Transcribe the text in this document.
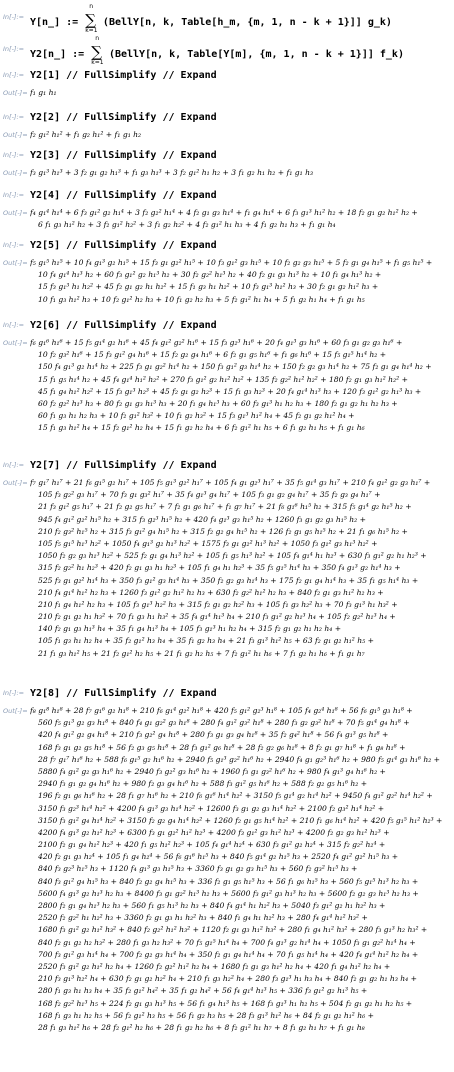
In[-]:= Y[n_] := ∑
n
k=1
(BellY[n, k, Table[h_m, {m, 1, n - k + 1}]] g_k)
In[-]:= Y2[n_] := ∑
n
k=1
(BellY[n, k, Table[Y[m], {m, 1, n - k + 1}]] f_k)
In[-]:= Y2[1] // FullSimplify // Expand
Out[-]= f₁ g₁ h₁
In[-]:= Y2[2] // FullSimplify // Expand
Out[-]= f₂ g₁² h₁² + f₁ g₂ h₁² + f₁ g₁ h₂
In[-]:= Y2[3] // FullSimplify // Expand
Out[-]= f₃ g₁³ h₁³ + 3 f₂ g₁ g₂ h₁³ + f₁ g₃ h₁³ + 3 f₂ g₁² h₁ h₂ + 3 f₁ g₂ h₁ h₂ + f₁ g₁ h₃
In[-]:= Y2[4] // FullSimplify // Expand
Out[-]= f₄ g₁⁴ h₁⁴ + 6 f₃ g₁² g₂ h₁⁴ + 3 f₂ g₂² h₁⁴ + 4 f₂ g₁ g₃ h₁⁴ + f₁ g₄ h₁⁴ + 6 f₃ g₁³ h₁² h₂ + 18 f₂ g₁ g₂ h₁² h₂ +
6 f₁ g₃ h₁² h₂ + 3 f₂ g₁² h₂² + 3 f₁ g₂ h₂² + 4 f₂ g₁² h₁ h₃ + 4 f₁ g₂ h₁ h₃ + f₁ g₁ h₄
In[-]:= Y2[5] // FullSimplify // Expand
Out[-]= f₅ g₁⁵ h₁⁵ + 10 f₄ g₁³ g₂ h₁⁵ + 15 f₃ g₁ g₂² h₁⁵ + 10 f₃ g₁² g₃ h₁⁵ + 10 f₂ g₂ g₃ h₁⁵ + 5 f₂ g₁ g₄ h₁⁵ + f₁ g₅ h₁⁵ +
10 f₄ g₁⁴ h₁³ h₂ + 60 f₃ g₁² g₂ h₁³ h₂ + 30 f₂ g₂² h₁³ h₂ + 40 f₂ g₁ g₃ h₁³ h₂ + 10 f₁ g₄ h₁³ h₂ +
15 f₃ g₁³ h₁ h₂² + 45 f₂ g₁ g₂ h₁ h₂² + 15 f₁ g₃ h₁ h₂² + 10 f₃ g₁³ h₁² h₃ + 30 f₂ g₁ g₂ h₁² h₃ +
10 f₁ g₃ h₁² h₃ + 10 f₂ g₁² h₂ h₃ + 10 f₁ g₂ h₂ h₃ + 5 f₂ g₁² h₁ h₄ + 5 f₁ g₂ h₁ h₄ + f₁ g₁ h₅
In[-]:= Y2[6] // FullSimplify // Expand
Out[-]= f₆ g₁⁶ h₁⁶ + 15 f₅ g₁⁴ g₂ h₁⁶ + 45 f₄ g₁² g₂² h₁⁶ + 15 f₃ g₂³ h₁⁶ + 20 f₄ g₁³ g₃ h₁⁶ + 60 f₃ g₁ g₂ g₃ h₁⁶ +
10 f₂ g₃² h₁⁶ + 15 f₃ g₁² g₄ h₁⁶ + 15 f₂ g₂ g₄ h₁⁶ + 6 f₂ g₁ g₅ h₁⁶ + f₁ g₆ h₁⁶ + 15 f₅ g₁⁵ h₁⁴ h₂ +
150 f₄ g₁³ g₂ h₁⁴ h₂ + 225 f₃ g₁ g₂² h₁⁴ h₂ + 150 f₃ g₁² g₃ h₁⁴ h₂ + 150 f₂ g₂ g₃ h₁⁴ h₂ + 75 f₂ g₁ g₄ h₁⁴ h₂ +
15 f₁ g₅ h₁⁴ h₂ + 45 f₄ g₁⁴ h₁² h₂² + 270 f₃ g₁² g₂ h₁² h₂² + 135 f₂ g₂² h₁² h₂² + 180 f₂ g₁ g₃ h₁² h₂² +
45 f₁ g₄ h₁² h₂² + 15 f₃ g₁³ h₂³ + 45 f₂ g₁ g₂ h₂³ + 15 f₁ g₃ h₂³ + 20 f₄ g₁⁴ h₁³ h₃ + 120 f₃ g₁² g₂ h₁³ h₃ +
60 f₂ g₂² h₁³ h₃ + 80 f₂ g₁ g₃ h₁³ h₃ + 20 f₁ g₄ h₁³ h₃ + 60 f₃ g₁³ h₁ h₂ h₃ + 180 f₂ g₁ g₂ h₁ h₂ h₃ +
60 f₁ g₃ h₁ h₂ h₃ + 10 f₂ g₁² h₃² + 10 f₁ g₂ h₃² + 15 f₃ g₁³ h₁² h₄ + 45 f₂ g₁ g₂ h₁² h₄ +
15 f₁ g₃ h₁² h₄ + 15 f₂ g₁² h₂ h₄ + 15 f₁ g₂ h₂ h₄ + 6 f₂ g₁² h₁ h₅ + 6 f₁ g₂ h₁ h₅ + f₁ g₁ h₆
In[-]:= Y2[7] // FullSimplify // Expand
Out[-]= f₇ g₁⁷ h₁⁷ + 21 f₆ g₁⁵ g₂ h₁⁷ + 105 f₅ g₁³ g₂² h₁⁷ + 105 f₄ g₁ g₂³ h₁⁷ + 35 f₅ g₁⁴ g₃ h₁⁷ + 210 f₄ g₁² g₂ g₃ h₁⁷ +
105 f₃ g₂² g₃ h₁⁷ + 70 f₃ g₁ g₃² h₁⁷ + 35 f₄ g₁³ g₄ h₁⁷ + 105 f₃ g₁ g₂ g₄ h₁⁷ + 35 f₂ g₃ g₄ h₁⁷ +
21 f₃ g₁² g₅ h₁⁷ + 21 f₂ g₂ g₅ h₁⁷ + 7 f₂ g₁ g₆ h₁⁷ + f₁ g₇ h₁⁷ + 21 f₆ g₁⁶ h₁⁵ h₂ + 315 f₅ g₁⁴ g₂ h₁⁵ h₂ +
945 f₄ g₁² g₂² h₁⁵ h₂ + 315 f₃ g₂³ h₁⁵ h₂ + 420 f₄ g₁³ g₃ h₁⁵ h₂ + 1260 f₃ g₁ g₂ g₃ h₁⁵ h₂ +
210 f₂ g₃² h₁⁵ h₂ + 315 f₃ g₁² g₄ h₁⁵ h₂ + 315 f₂ g₂ g₄ h₁⁵ h₂ + 126 f₂ g₁ g₅ h₁⁵ h₂ + 21 f₁ g₆ h₁⁵ h₂ +
105 f₅ g₁⁵ h₁³ h₂² + 1050 f₄ g₁³ g₂ h₁³ h₂² + 1575 f₃ g₁ g₂² h₁³ h₂² + 1050 f₃ g₁² g₃ h₁³ h₂² +
1050 f₂ g₂ g₃ h₁³ h₂² + 525 f₂ g₁ g₄ h₁³ h₂² + 105 f₁ g₅ h₁³ h₂² + 105 f₄ g₁⁴ h₁ h₂³ + 630 f₃ g₁² g₂ h₁ h₂³ +
315 f₂ g₂² h₁ h₂³ + 420 f₂ g₁ g₃ h₁ h₂³ + 105 f₁ g₄ h₁ h₂³ + 35 f₅ g₁⁵ h₁⁴ h₃ + 350 f₄ g₁³ g₂ h₁⁴ h₃ +
525 f₃ g₁ g₂² h₁⁴ h₃ + 350 f₃ g₁² g₃ h₁⁴ h₃ + 350 f₂ g₂ g₃ h₁⁴ h₃ + 175 f₂ g₁ g₄ h₁⁴ h₃ + 35 f₁ g₅ h₁⁴ h₃ +
210 f₄ g₁⁴ h₁² h₂ h₃ + 1260 f₃ g₁² g₂ h₁² h₂ h₃ + 630 f₂ g₂² h₁² h₂ h₃ + 840 f₂ g₁ g₃ h₁² h₂ h₃ +
210 f₁ g₄ h₁² h₂ h₃ + 105 f₃ g₁³ h₂² h₃ + 315 f₂ g₁ g₂ h₂² h₃ + 105 f₁ g₃ h₂² h₃ + 70 f₃ g₁³ h₁ h₃² +
210 f₂ g₁ g₂ h₁ h₃² + 70 f₁ g₃ h₁ h₃² + 35 f₄ g₁⁴ h₁³ h₄ + 210 f₃ g₁² g₂ h₁³ h₄ + 105 f₂ g₂² h₁³ h₄ +
140 f₂ g₁ g₃ h₁³ h₄ + 35 f₁ g₄ h₁³ h₄ + 105 f₃ g₁³ h₁ h₂ h₄ + 315 f₂ g₁ g₂ h₁ h₂ h₄ +
105 f₁ g₃ h₁ h₂ h₄ + 35 f₂ g₁² h₃ h₄ + 35 f₁ g₂ h₃ h₄ + 21 f₃ g₁³ h₁² h₅ + 63 f₂ g₁ g₂ h₁² h₅ +
21 f₁ g₃ h₁² h₅ + 21 f₂ g₁² h₂ h₅ + 21 f₁ g₂ h₂ h₅ + 7 f₂ g₁² h₁ h₆ + 7 f₁ g₂ h₁ h₆ + f₁ g₁ h₇
In[-]:= Y2[8] // FullSimplify // Expand
Out[-]= f₈ g₁⁸ h₁⁸ + 28 f₇ g₁⁶ g₂ h₁⁸ + 210 f₆ g₁⁴ g₂² h₁⁸ + 420 f₅ g₁² g₂³ h₁⁸ + 105 f₄ g₂⁴ h₁⁸ + 56 f₆ g₁⁵ g₃ h₁⁸ +
560 f₅ g₁³ g₂ g₃ h₁⁸ + 840 f₄ g₁ g₂² g₃ h₁⁸ + 280 f₄ g₁² g₃² h₁⁸ + 280 f₃ g₂ g₃² h₁⁸ + 70 f₅ g₁⁴ g₄ h₁⁸ +
420 f₄ g₁² g₂ g₄ h₁⁸ + 210 f₃ g₂² g₄ h₁⁸ + 280 f₃ g₁ g₃ g₄ h₁⁸ + 35 f₂ g₄² h₁⁸ + 56 f₄ g₁³ g₅ h₁⁸ +
168 f₃ g₁ g₂ g₅ h₁⁸ + 56 f₂ g₃ g₅ h₁⁸ + 28 f₃ g₁² g₆ h₁⁸ + 28 f₂ g₂ g₆ h₁⁸ + 8 f₂ g₁ g₇ h₁⁸ + f₁ g₈ h₁⁸ +
28 f₇ g₁⁷ h₁⁶ h₂ + 588 f₆ g₁⁵ g₂ h₁⁶ h₂ + 2940 f₅ g₁³ g₂² h₁⁶ h₂ + 2940 f₄ g₁ g₂³ h₁⁶ h₂ + 980 f₅ g₁⁴ g₃ h₁⁶ h₂ +
5880 f₄ g₁² g₂ g₃ h₁⁶ h₂ + 2940 f₃ g₂² g₃ h₁⁶ h₂ + 1960 f₃ g₁ g₃² h₁⁶ h₂ + 980 f₄ g₁³ g₄ h₁⁶ h₂ +
2940 f₃ g₁ g₂ g₄ h₁⁶ h₂ + 980 f₂ g₃ g₄ h₁⁶ h₂ + 588 f₃ g₁² g₅ h₁⁶ h₂ + 588 f₂ g₂ g₅ h₁⁶ h₂ +
196 f₂ g₁ g₆ h₁⁶ h₂ + 28 f₁ g₇ h₁⁶ h₂ + 210 f₆ g₁⁶ h₁⁴ h₂² + 3150 f₅ g₁⁴ g₂ h₁⁴ h₂² + 9450 f₄ g₁² g₂² h₁⁴ h₂² +
3150 f₃ g₂³ h₁⁴ h₂² + 4200 f₄ g₁³ g₃ h₁⁴ h₂² + 12600 f₃ g₁ g₂ g₃ h₁⁴ h₂² + 2100 f₂ g₃² h₁⁴ h₂² +
3150 f₃ g₁² g₄ h₁⁴ h₂² + 3150 f₂ g₂ g₄ h₁⁴ h₂² + 1260 f₂ g₁ g₅ h₁⁴ h₂² + 210 f₁ g₆ h₁⁴ h₂² + 420 f₅ g₁⁵ h₁² h₂³ +
4200 f₄ g₁³ g₂ h₁² h₂³ + 6300 f₃ g₁ g₂² h₁² h₂³ + 4200 f₃ g₁² g₃ h₁² h₂³ + 4200 f₂ g₂ g₃ h₁² h₂³ +
2100 f₂ g₁ g₄ h₁² h₂³ + 420 f₁ g₅ h₁² h₂³ + 105 f₄ g₁⁴ h₂⁴ + 630 f₃ g₁² g₂ h₂⁴ + 315 f₂ g₂² h₂⁴ +
420 f₂ g₁ g₃ h₂⁴ + 105 f₁ g₄ h₂⁴ + 56 f₆ g₁⁶ h₁⁵ h₃ + 840 f₅ g₁⁴ g₂ h₁⁵ h₃ + 2520 f₄ g₁² g₂² h₁⁵ h₃ +
840 f₃ g₂³ h₁⁵ h₃ + 1120 f₄ g₁³ g₃ h₁⁵ h₃ + 3360 f₃ g₁ g₂ g₃ h₁⁵ h₃ + 560 f₂ g₃² h₁⁵ h₃ +
840 f₃ g₁² g₄ h₁⁵ h₃ + 840 f₂ g₂ g₄ h₁⁵ h₃ + 336 f₂ g₁ g₅ h₁⁵ h₃ + 56 f₁ g₆ h₁⁵ h₃ + 560 f₅ g₁⁵ h₁³ h₂ h₃ +
5600 f₄ g₁³ g₂ h₁³ h₂ h₃ + 8400 f₃ g₁ g₂² h₁³ h₂ h₃ + 5600 f₃ g₁² g₃ h₁³ h₂ h₃ + 5600 f₂ g₂ g₃ h₁³ h₂ h₃ +
2800 f₂ g₁ g₄ h₁³ h₂ h₃ + 560 f₁ g₅ h₁³ h₂ h₃ + 840 f₄ g₁⁴ h₁ h₂² h₃ + 5040 f₃ g₁² g₂ h₁ h₂² h₃ +
2520 f₂ g₂² h₁ h₂² h₃ + 3360 f₂ g₁ g₃ h₁ h₂² h₃ + 840 f₁ g₄ h₁ h₂² h₃ + 280 f₄ g₁⁴ h₁² h₃² +
1680 f₃ g₁² g₂ h₁² h₃² + 840 f₂ g₂² h₁² h₃² + 1120 f₂ g₁ g₃ h₁² h₃² + 280 f₁ g₄ h₁² h₃² + 280 f₃ g₁³ h₂ h₃² +
840 f₂ g₁ g₂ h₂ h₃² + 280 f₁ g₃ h₂ h₃² + 70 f₅ g₁⁵ h₁⁴ h₄ + 700 f₄ g₁³ g₂ h₁⁴ h₄ + 1050 f₃ g₁ g₂² h₁⁴ h₄ +
700 f₃ g₁² g₃ h₁⁴ h₄ + 700 f₂ g₂ g₃ h₁⁴ h₄ + 350 f₂ g₁ g₄ h₁⁴ h₄ + 70 f₁ g₅ h₁⁴ h₄ + 420 f₄ g₁⁴ h₁² h₂ h₄ +
2520 f₃ g₁² g₂ h₁² h₂ h₄ + 1260 f₂ g₂² h₁² h₂ h₄ + 1680 f₂ g₁ g₃ h₁² h₂ h₄ + 420 f₁ g₄ h₁² h₂ h₄ +
210 f₃ g₁³ h₂² h₄ + 630 f₂ g₁ g₂ h₂² h₄ + 210 f₁ g₃ h₂² h₄ + 280 f₃ g₁³ h₁ h₃ h₄ + 840 f₂ g₁ g₂ h₁ h₃ h₄ +
280 f₁ g₃ h₁ h₃ h₄ + 35 f₂ g₁² h₄² + 35 f₁ g₂ h₄² + 56 f₄ g₁⁴ h₁³ h₅ + 336 f₃ g₁² g₂ h₁³ h₅ +
168 f₂ g₂² h₁³ h₅ + 224 f₂ g₁ g₃ h₁³ h₅ + 56 f₁ g₄ h₁³ h₅ + 168 f₃ g₁³ h₁ h₂ h₅ + 504 f₂ g₁ g₂ h₁ h₂ h₅ +
168 f₁ g₃ h₁ h₂ h₅ + 56 f₂ g₁² h₃ h₅ + 56 f₁ g₂ h₃ h₅ + 28 f₃ g₁³ h₁² h₆ + 84 f₂ g₁ g₂ h₁² h₆ +
28 f₁ g₃ h₁² h₆ + 28 f₂ g₁² h₂ h₆ + 28 f₁ g₂ h₂ h₆ + 8 f₂ g₁² h₁ h₇ + 8 f₁ g₂ h₁ h₇ + f₁ g₁ h₈
